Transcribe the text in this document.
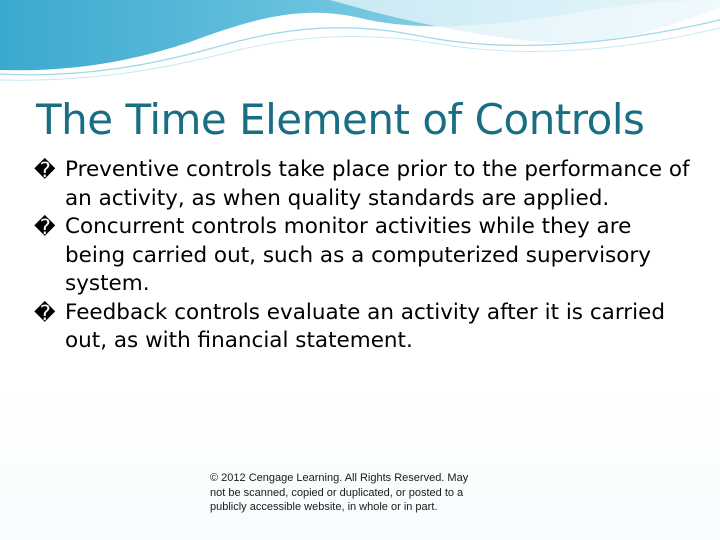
The Time Element of Controls
� Preventive controls take place prior to the performance of an activity, as when quality standards are applied.
� Concurrent controls monitor activities while they are being carried out, such as a computerized supervisory system.
� Feedback controls evaluate an activity after it is carried out, as with financial statement.
© 2012 Cengage Learning. All Rights Reserved. May not be scanned, copied or duplicated, or posted to a publicly accessible website, in whole or in part.
